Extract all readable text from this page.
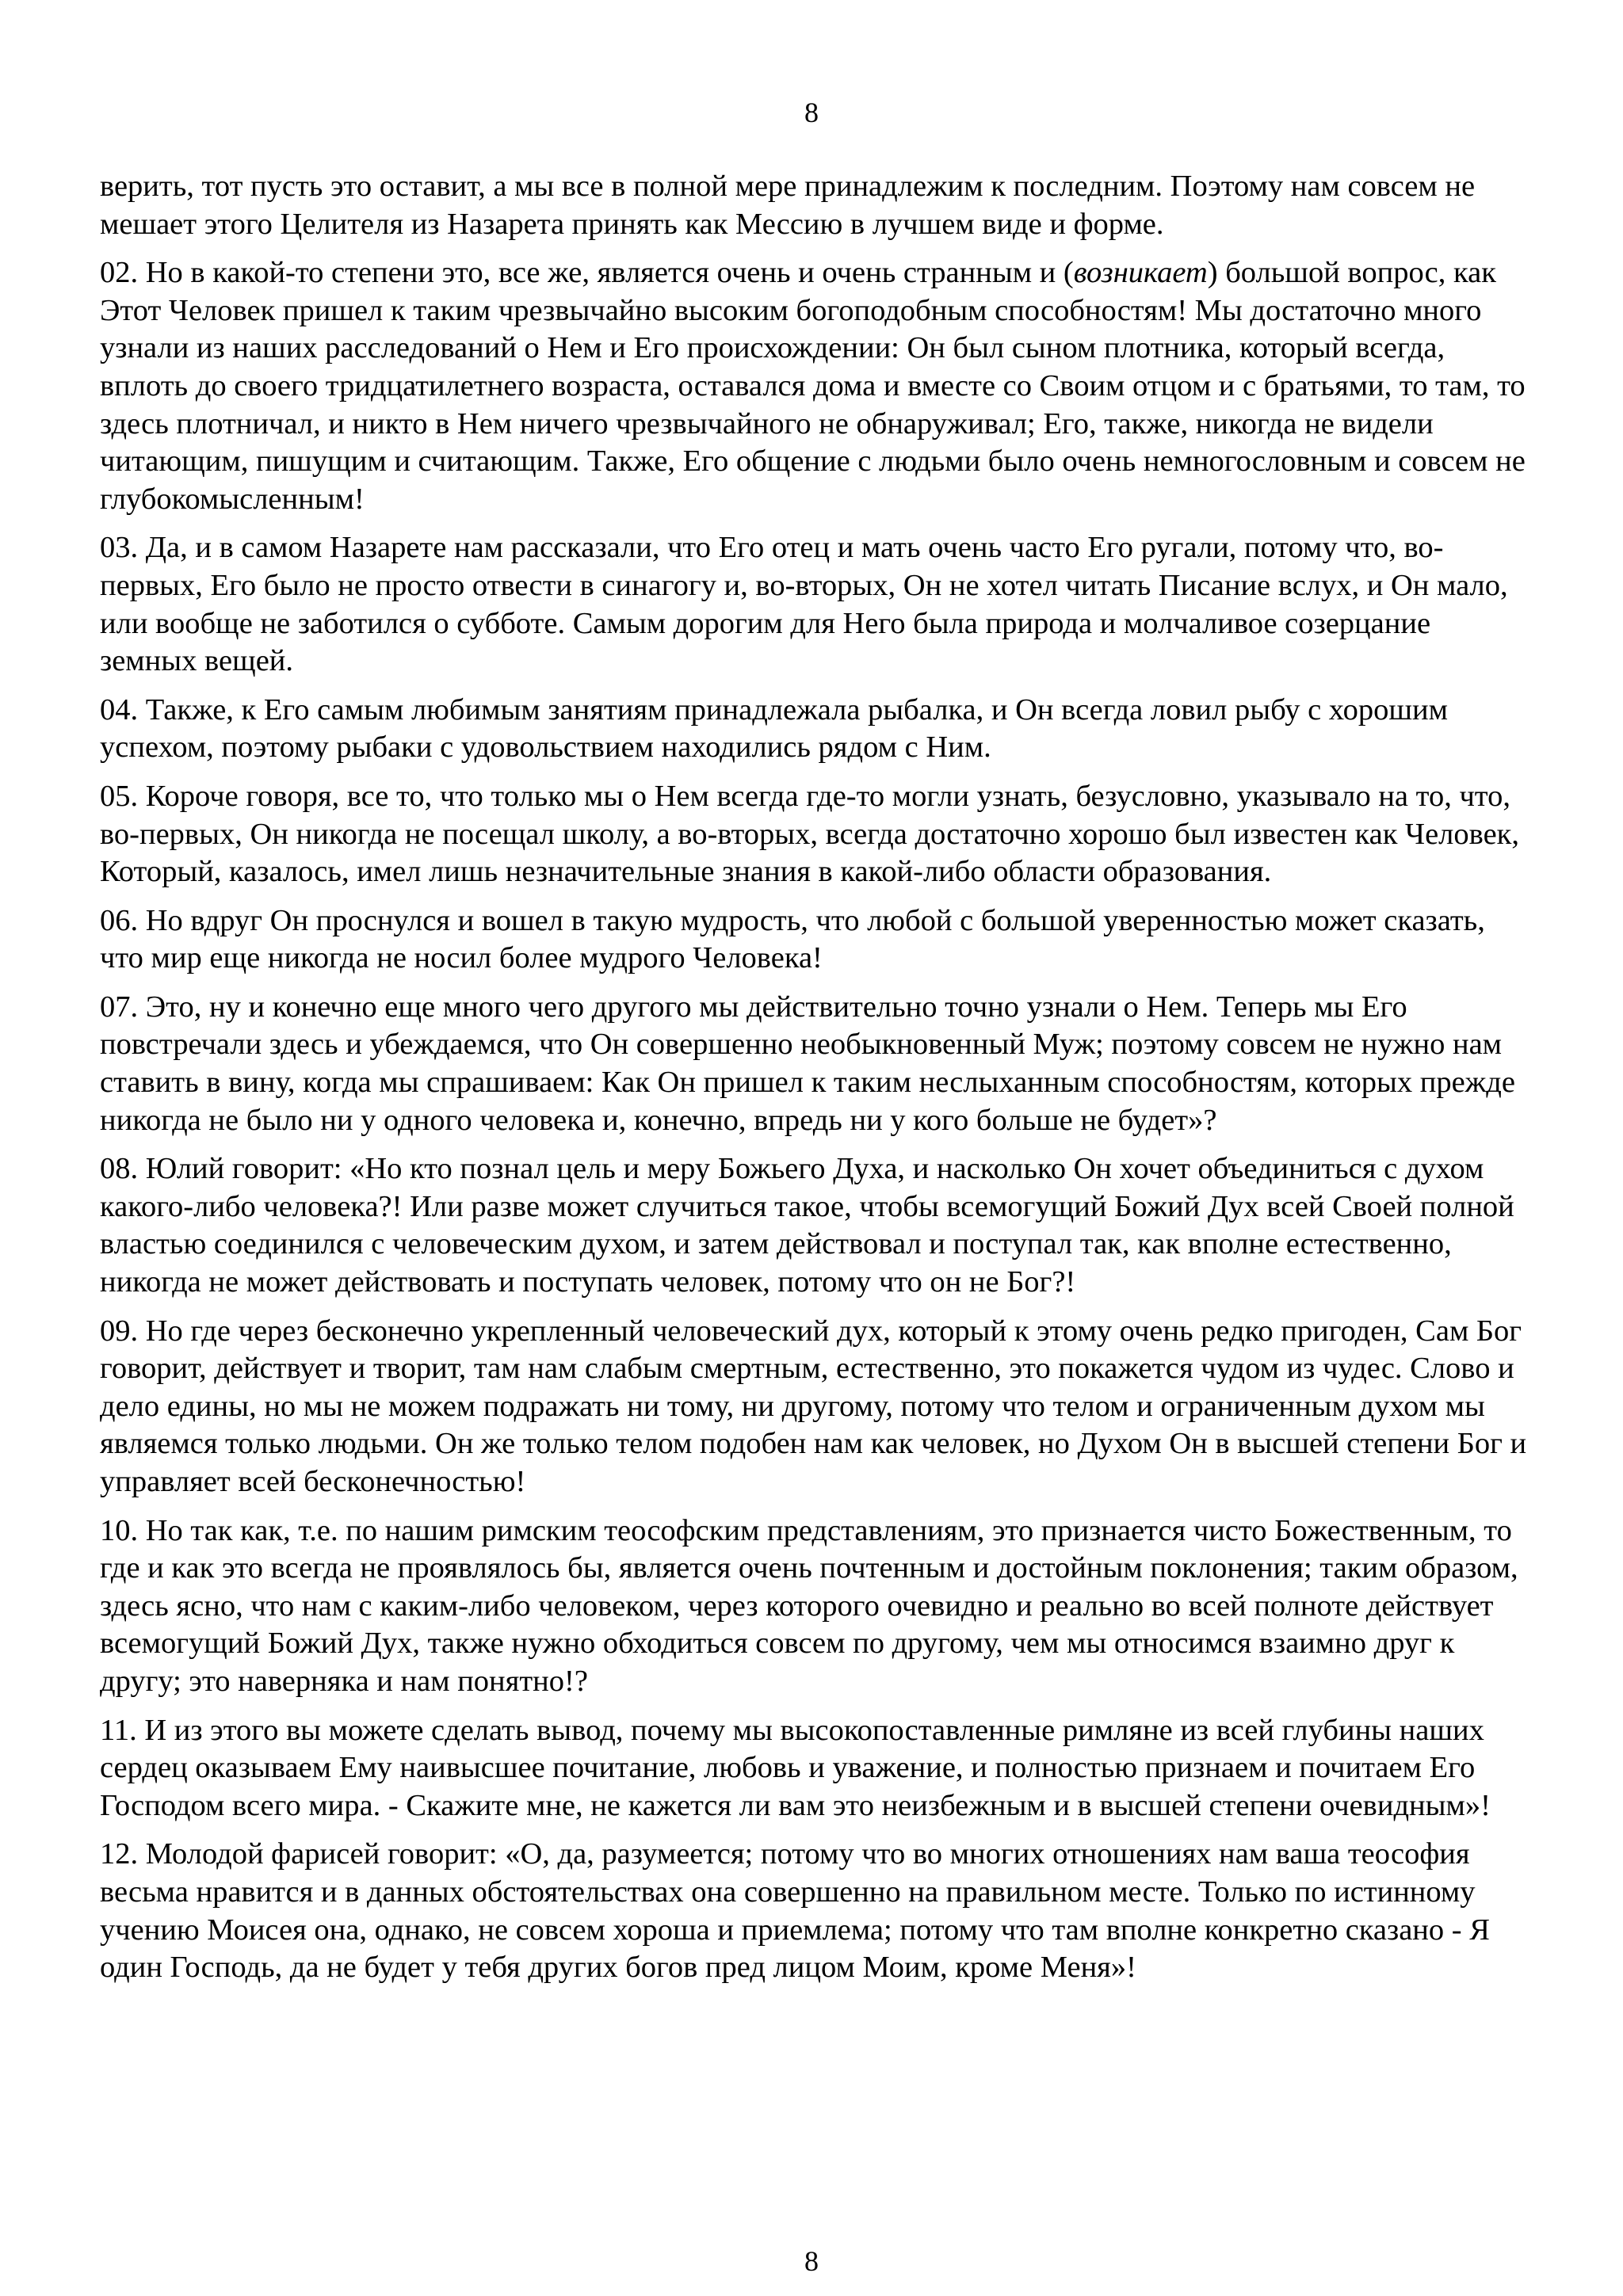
8

верить, тот пусть это оставит, а мы все в полной мере принадлежим к последним. Поэтому нам совсем не мешает этого Целителя из Назарета принять как Мессию в лучшем виде и форме.

02. Но в какой-то степени это, все же, является очень и очень странным и (возникает) большой вопрос, как Этот Человек пришел к таким чрезвычайно высоким богоподобным способностям! Мы достаточно много узнали из наших расследований о Нем и Его происхождении: Он был сыном плотника, который всегда, вплоть до своего тридцатилетнего возраста, оставался дома и вместе со Своим отцом и с братьями, то там, то здесь плотничал, и никто в Нем ничего чрезвычайного не обнаруживал; Его, также, никогда не видели читающим, пишущим и считающим. Также, Его общение с людьми было очень немногословным и совсем не глубокомысленным!

03. Да, и в самом Назарете нам рассказали, что Его отец и мать очень часто Его ругали, потому что, во-первых, Его было не просто отвести в синагогу и, во-вторых, Он не хотел читать Писание вслух, и Он мало, или вообще не заботился о субботе. Самым дорогим для Него была природа и молчаливое созерцание земных вещей.

04. Также, к Его самым любимым занятиям принадлежала рыбалка, и Он всегда ловил рыбу с хорошим успехом, поэтому рыбаки с удовольствием находились рядом с Ним.

05. Короче говоря, все то, что только мы о Нем всегда где-то могли узнать, безусловно, указывало на то, что, во-первых, Он никогда не посещал школу, а во-вторых, всегда достаточно хорошо был известен как Человек, Который, казалось, имел лишь незначительные знания в какой-либо области образования.

06. Но вдруг Он проснулся и вошел в такую мудрость, что любой с большой уверенностью может сказать, что мир еще никогда не носил более мудрого Человека!

07. Это, ну и конечно еще много чего другого мы действительно точно узнали о Нем. Теперь мы Его повстречали здесь и убеждаемся, что Он совершенно необыкновенный Муж; поэтому совсем не нужно нам ставить в вину, когда мы спрашиваем: Как Он пришел к таким неслыханным способностям, которых прежде никогда не было ни у одного человека и, конечно, впредь ни у кого больше не будет»?

08. Юлий говорит: «Но кто познал цель и меру Божьего Духа, и насколько Он хочет объединиться с духом какого-либо человека?! Или разве может случиться такое, чтобы всемогущий Божий Дух всей Своей полной властью соединился с человеческим духом, и затем действовал и поступал так, как вполне естественно, никогда не может действовать и поступать человек, потому что он не Бог?!

09. Но где через бесконечно укрепленный человеческий дух, который к этому очень редко пригоден, Сам Бог говорит, действует и творит, там нам слабым смертным, естественно, это покажется чудом из чудес. Слово и дело едины, но мы не можем подражать ни тому, ни другому, потому что телом и ограниченным духом мы являемся только людьми. Он же только телом подобен нам как человек, но Духом Он в высшей степени Бог и управляет всей бесконечностью!

10. Но так как, т.е. по нашим римским теософским представлениям, это признается чисто Божественным, то где и как это всегда не проявлялось бы, является очень почтенным и достойным поклонения; таким образом, здесь ясно, что нам с каким-либо человеком, через которого очевидно и реально во всей полноте действует всемогущий Божий Дух, также нужно обходиться совсем по другому, чем мы относимся взаимно друг к другу; это наверняка и нам понятно!?

11. И из этого вы можете сделать вывод, почему мы высокопоставленные римляне из всей глубины наших сердец оказываем Ему наивысшее почитание, любовь и уважение, и полностью признаем и почитаем Его Господом всего мира. - Скажите мне, не кажется ли вам это неизбежным и в высшей степени очевидным»!

12. Молодой фарисей говорит: «О, да, разумеется; потому что во многих отношениях нам ваша теософия весьма нравится и в данных обстоятельствах она совершенно на правильном месте. Только по истинному учению Моисея она, однако, не совсем хороша и приемлема; потому что там вполне конкретно сказано - Я один Господь, да не будет у тебя других богов пред лицом Моим, кроме Меня»!

8
